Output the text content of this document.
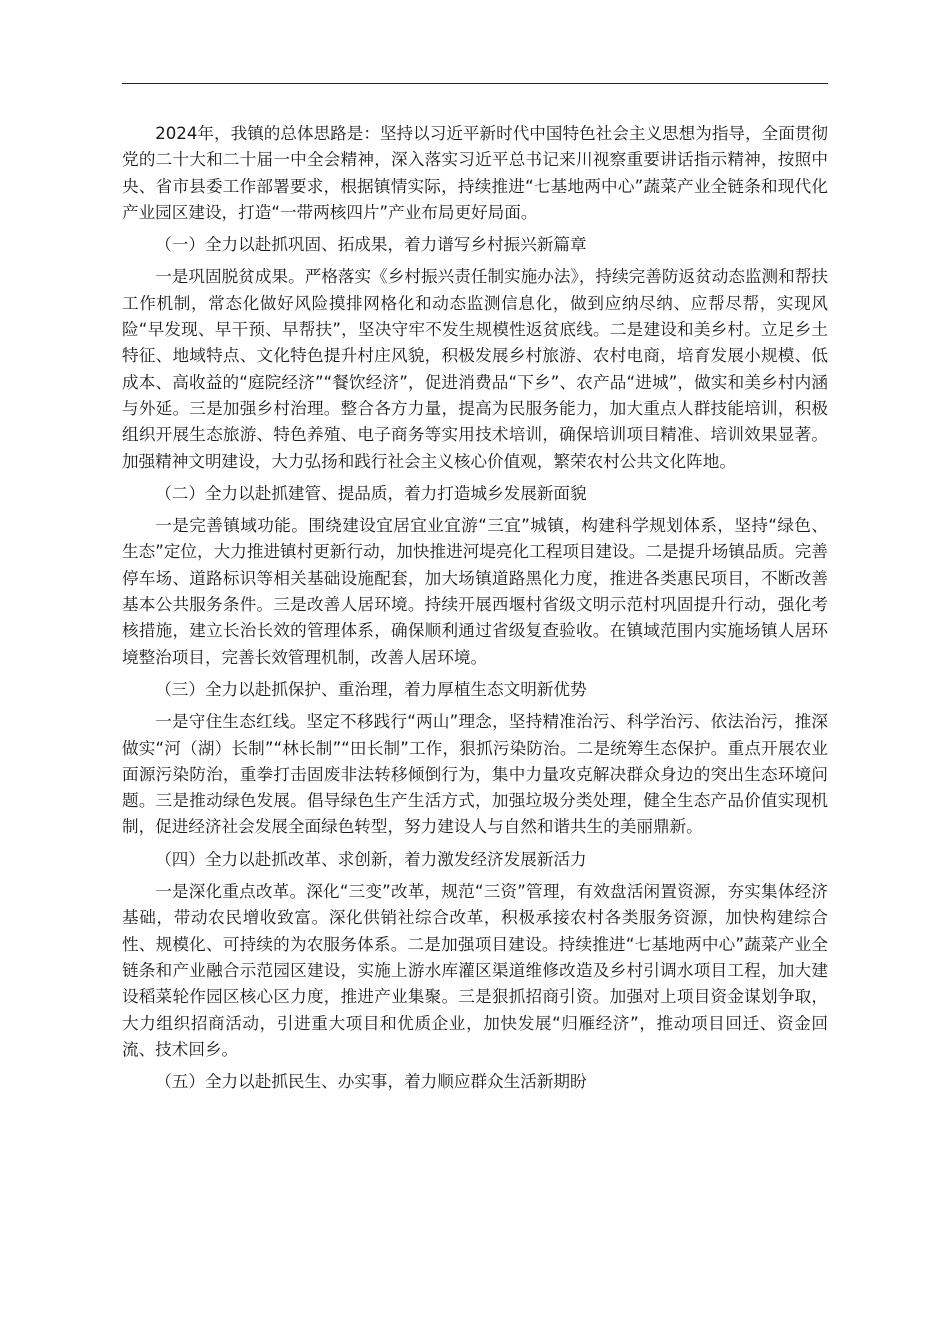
2024年，我镇的总体思路是：坚持以习近平新时代中国特色社会主义思想为指导，全面贯彻党的二十大和二十届一中全会精神，深入落实习近平总书记来川视察重要讲话指示精神，按照中央、省市县委工作部署要求，根据镇情实际，持续推进“七基地两中心”蔬菜产业全链条和现代化产业园区建设，打造“一带两核四片”产业布局更好局面。

（一）全力以赴抓巩固、拓成果，着力谱写乡村振兴新篇章

一是巩固脱贫成果。严格落实《乡村振兴责任制实施办法》，持续完善防返贫动态监测和帮扶工作机制，常态化做好风险摸排网格化和动态监测信息化，做到应纳尽纳、应帮尽帮，实现风险“早发现、早干预、早帮扶”，坚决守牢不发生规模性返贫底线。二是建设和美乡村。立足乡土特征、地域特点、文化特色提升村庄风貌，积极发展乡村旅游、农村电商，培育发展小规模、低成本、高收益的“庭院经济”“餐饮经济”，促进消费品“下乡”、农产品“进城”，做实和美乡村内涵与外延。三是加强乡村治理。整合各方力量，提高为民服务能力，加大重点人群技能培训，积极组织开展生态旅游、特色养殖、电子商务等实用技术培训，确保培训项目精准、培训效果显著。加强精神文明建设，大力弘扬和践行社会主义核心价值观，繁荣农村公共文化阵地。

（二）全力以赴抓建管、提品质，着力打造城乡发展新面貌

一是完善镇域功能。围绕建设宜居宜业宜游“三宜”城镇，构建科学规划体系，坚持“绿色、生态”定位，大力推进镇村更新行动，加快推进河堤亮化工程项目建设。二是提升场镇品质。完善停车场、道路标识等相关基础设施配套，加大场镇道路黑化力度，推进各类惠民项目，不断改善基本公共服务条件。三是改善人居环境。持续开展西堰村省级文明示范村巩固提升行动，强化考核措施，建立长治长效的管理体系，确保顺利通过省级复查验收。在镇域范围内实施场镇人居环境整治项目，完善长效管理机制，改善人居环境。

（三）全力以赴抓保护、重治理，着力厚植生态文明新优势

一是守住生态红线。坚定不移践行“两山”理念，坚持精准治污、科学治污、依法治污，推深做实“河（湖）长制”“林长制”“田长制”工作，狠抓污染防治。二是统筹生态保护。重点开展农业面源污染防治，重拳打击固废非法转移倾倒行为，集中力量攻克解决群众身边的突出生态环境问题。三是推动绿色发展。倡导绿色生产生活方式，加强垃圾分类处理，健全生态产品价值实现机制，促进经济社会发展全面绿色转型，努力建设人与自然和谐共生的美丽鼎新。

（四）全力以赴抓改革、求创新，着力激发经济发展新活力

一是深化重点改革。深化“三变”改革，规范“三资”管理，有效盘活闲置资源，夯实集体经济基础，带动农民增收致富。深化供销社综合改革，积极承接农村各类服务资源，加快构建综合性、规模化、可持续的为农服务体系。二是加强项目建设。持续推进“七基地两中心”蔬菜产业全链条和产业融合示范园区建设，实施上游水库灌区渠道维修改造及乡村引调水项目工程，加大建设稻菜轮作园区核心区力度，推进产业集聚。三是狠抓招商引资。加强对上项目资金谋划争取，大力组织招商活动，引进重大项目和优质企业，加快发展“归雁经济”，推动项目回迁、资金回流、技术回乡。

（五）全力以赴抓民生、办实事，着力顺应群众生活新期盼
